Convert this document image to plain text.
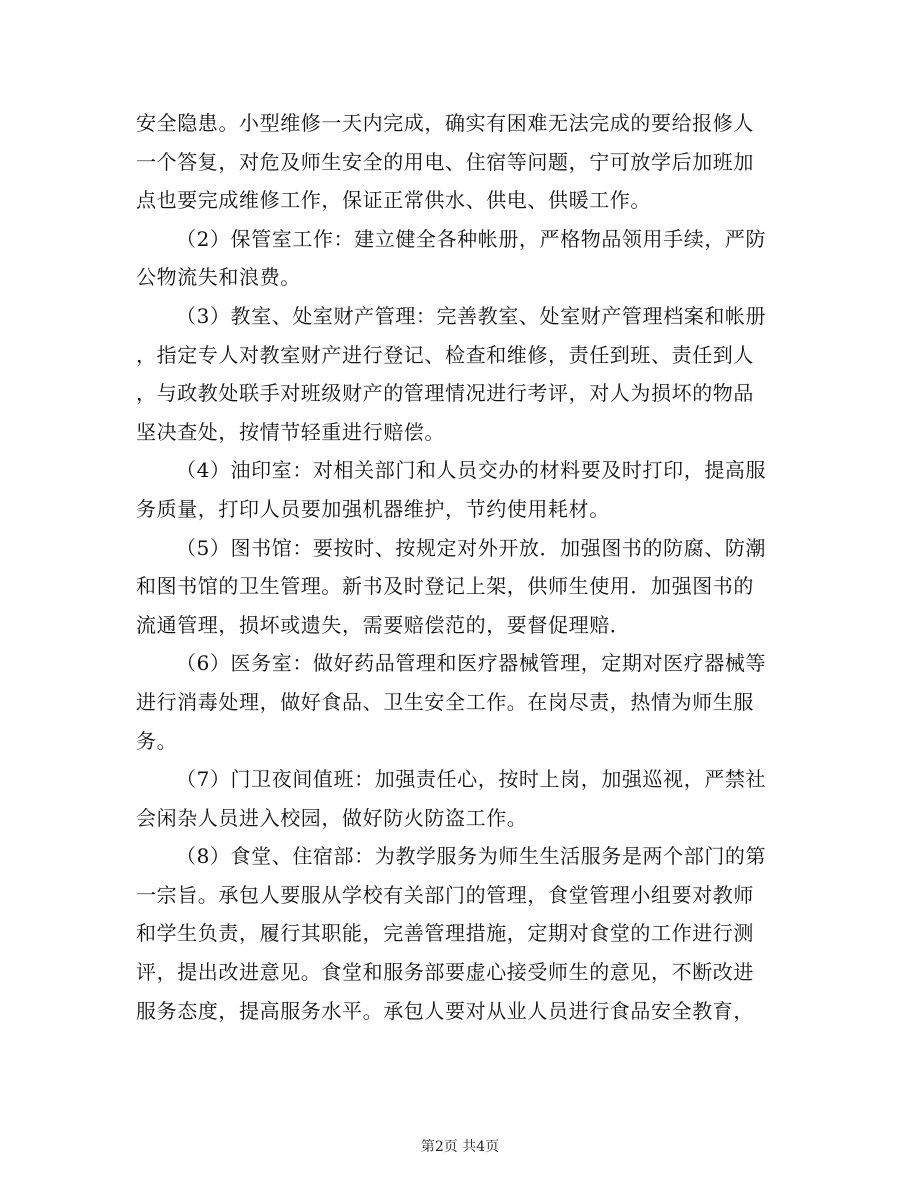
安全隐患。小型维修一天内完成，确实有困难无法完成的要给报修人
一个答复，对危及师生安全的用电、住宿等问题，宁可放学后加班加
点也要完成维修工作，保证正常供水、供电、供暖工作。
（2）保管室工作：建立健全各种帐册，严格物品领用手续，严防
公物流失和浪费。
（3）教室、处室财产管理：完善教室、处室财产管理档案和帐册
，指定专人对教室财产进行登记、检查和维修，责任到班、责任到人
，与政教处联手对班级财产的管理情况进行考评，对人为损坏的物品
坚决查处，按情节轻重进行赔偿。
（4）油印室：对相关部门和人员交办的材料要及时打印，提高服
务质量，打印人员要加强机器维护，节约使用耗材。
（5）图书馆：要按时、按规定对外开放．加强图书的防腐、防潮
和图书馆的卫生管理。新书及时登记上架，供师生使用．加强图书的
流通管理，损坏或遗失，需要赔偿范的，要督促理赔．
（6）医务室：做好药品管理和医疗器械管理，定期对医疗器械等
进行消毒处理，做好食品、卫生安全工作。在岗尽责，热情为师生服
务。
（7）门卫夜间值班：加强责任心，按时上岗，加强巡视，严禁社
会闲杂人员进入校园，做好防火防盗工作。
（8）食堂、住宿部：为教学服务为师生生活服务是两个部门的第
一宗旨。承包人要服从学校有关部门的管理，食堂管理小组要对教师
和学生负责，履行其职能，完善管理措施，定期对食堂的工作进行测
评，提出改进意见。食堂和服务部要虚心接受师生的意见，不断改进
服务态度，提高服务水平。承包人要对从业人员进行食品安全教育，
第2页 共4页
